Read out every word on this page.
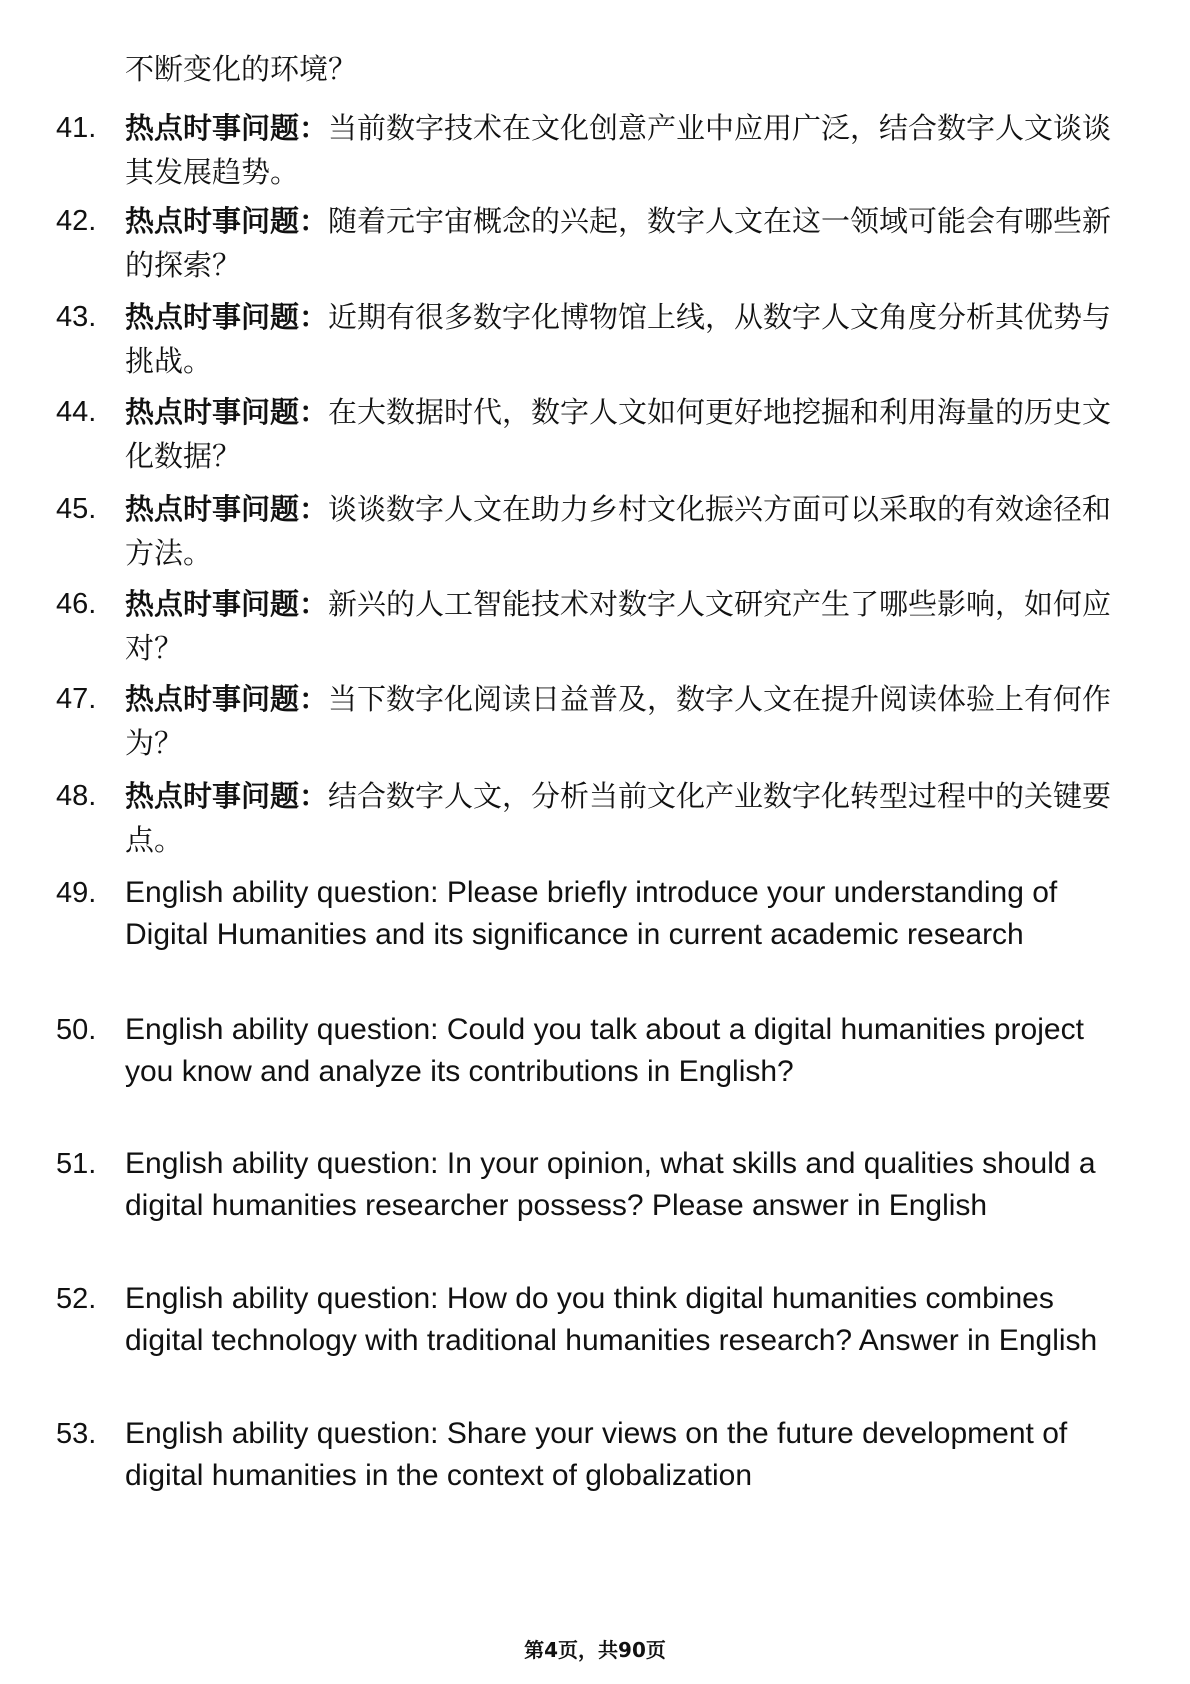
不断变化的环境？
41. 热点时事问题：当前数字技术在文化创意产业中应用广泛，结合数字人文谈谈其发展趋势。
42. 热点时事问题：随着元宇宙概念的兴起，数字人文在这一领域可能会有哪些新的探索？
43. 热点时事问题：近期有很多数字化博物馆上线，从数字人文角度分析其优势与挑战。
44. 热点时事问题：在大数据时代，数字人文如何更好地挖掘和利用海量的历史文化数据？
45. 热点时事问题：谈谈数字人文在助力乡村文化振兴方面可以采取的有效途径和方法。
46. 热点时事问题：新兴的人工智能技术对数字人文研究产生了哪些影响，如何应对？
47. 热点时事问题：当下数字化阅读日益普及，数字人文在提升阅读体验上有何作为？
48. 热点时事问题：结合数字人文，分析当前文化产业数字化转型过程中的关键要点。
49. English ability question: Please briefly introduce your understanding of Digital Humanities and its significance in current academic research
50. English ability question: Could you talk about a digital humanities project you know and analyze its contributions in English?
51. English ability question: In your opinion, what skills and qualities should a digital humanities researcher possess? Please answer in English
52. English ability question: How do you think digital humanities combines digital technology with traditional humanities research? Answer in English
53. English ability question: Share your views on the future development of digital humanities in the context of globalization
第4页，共90页
